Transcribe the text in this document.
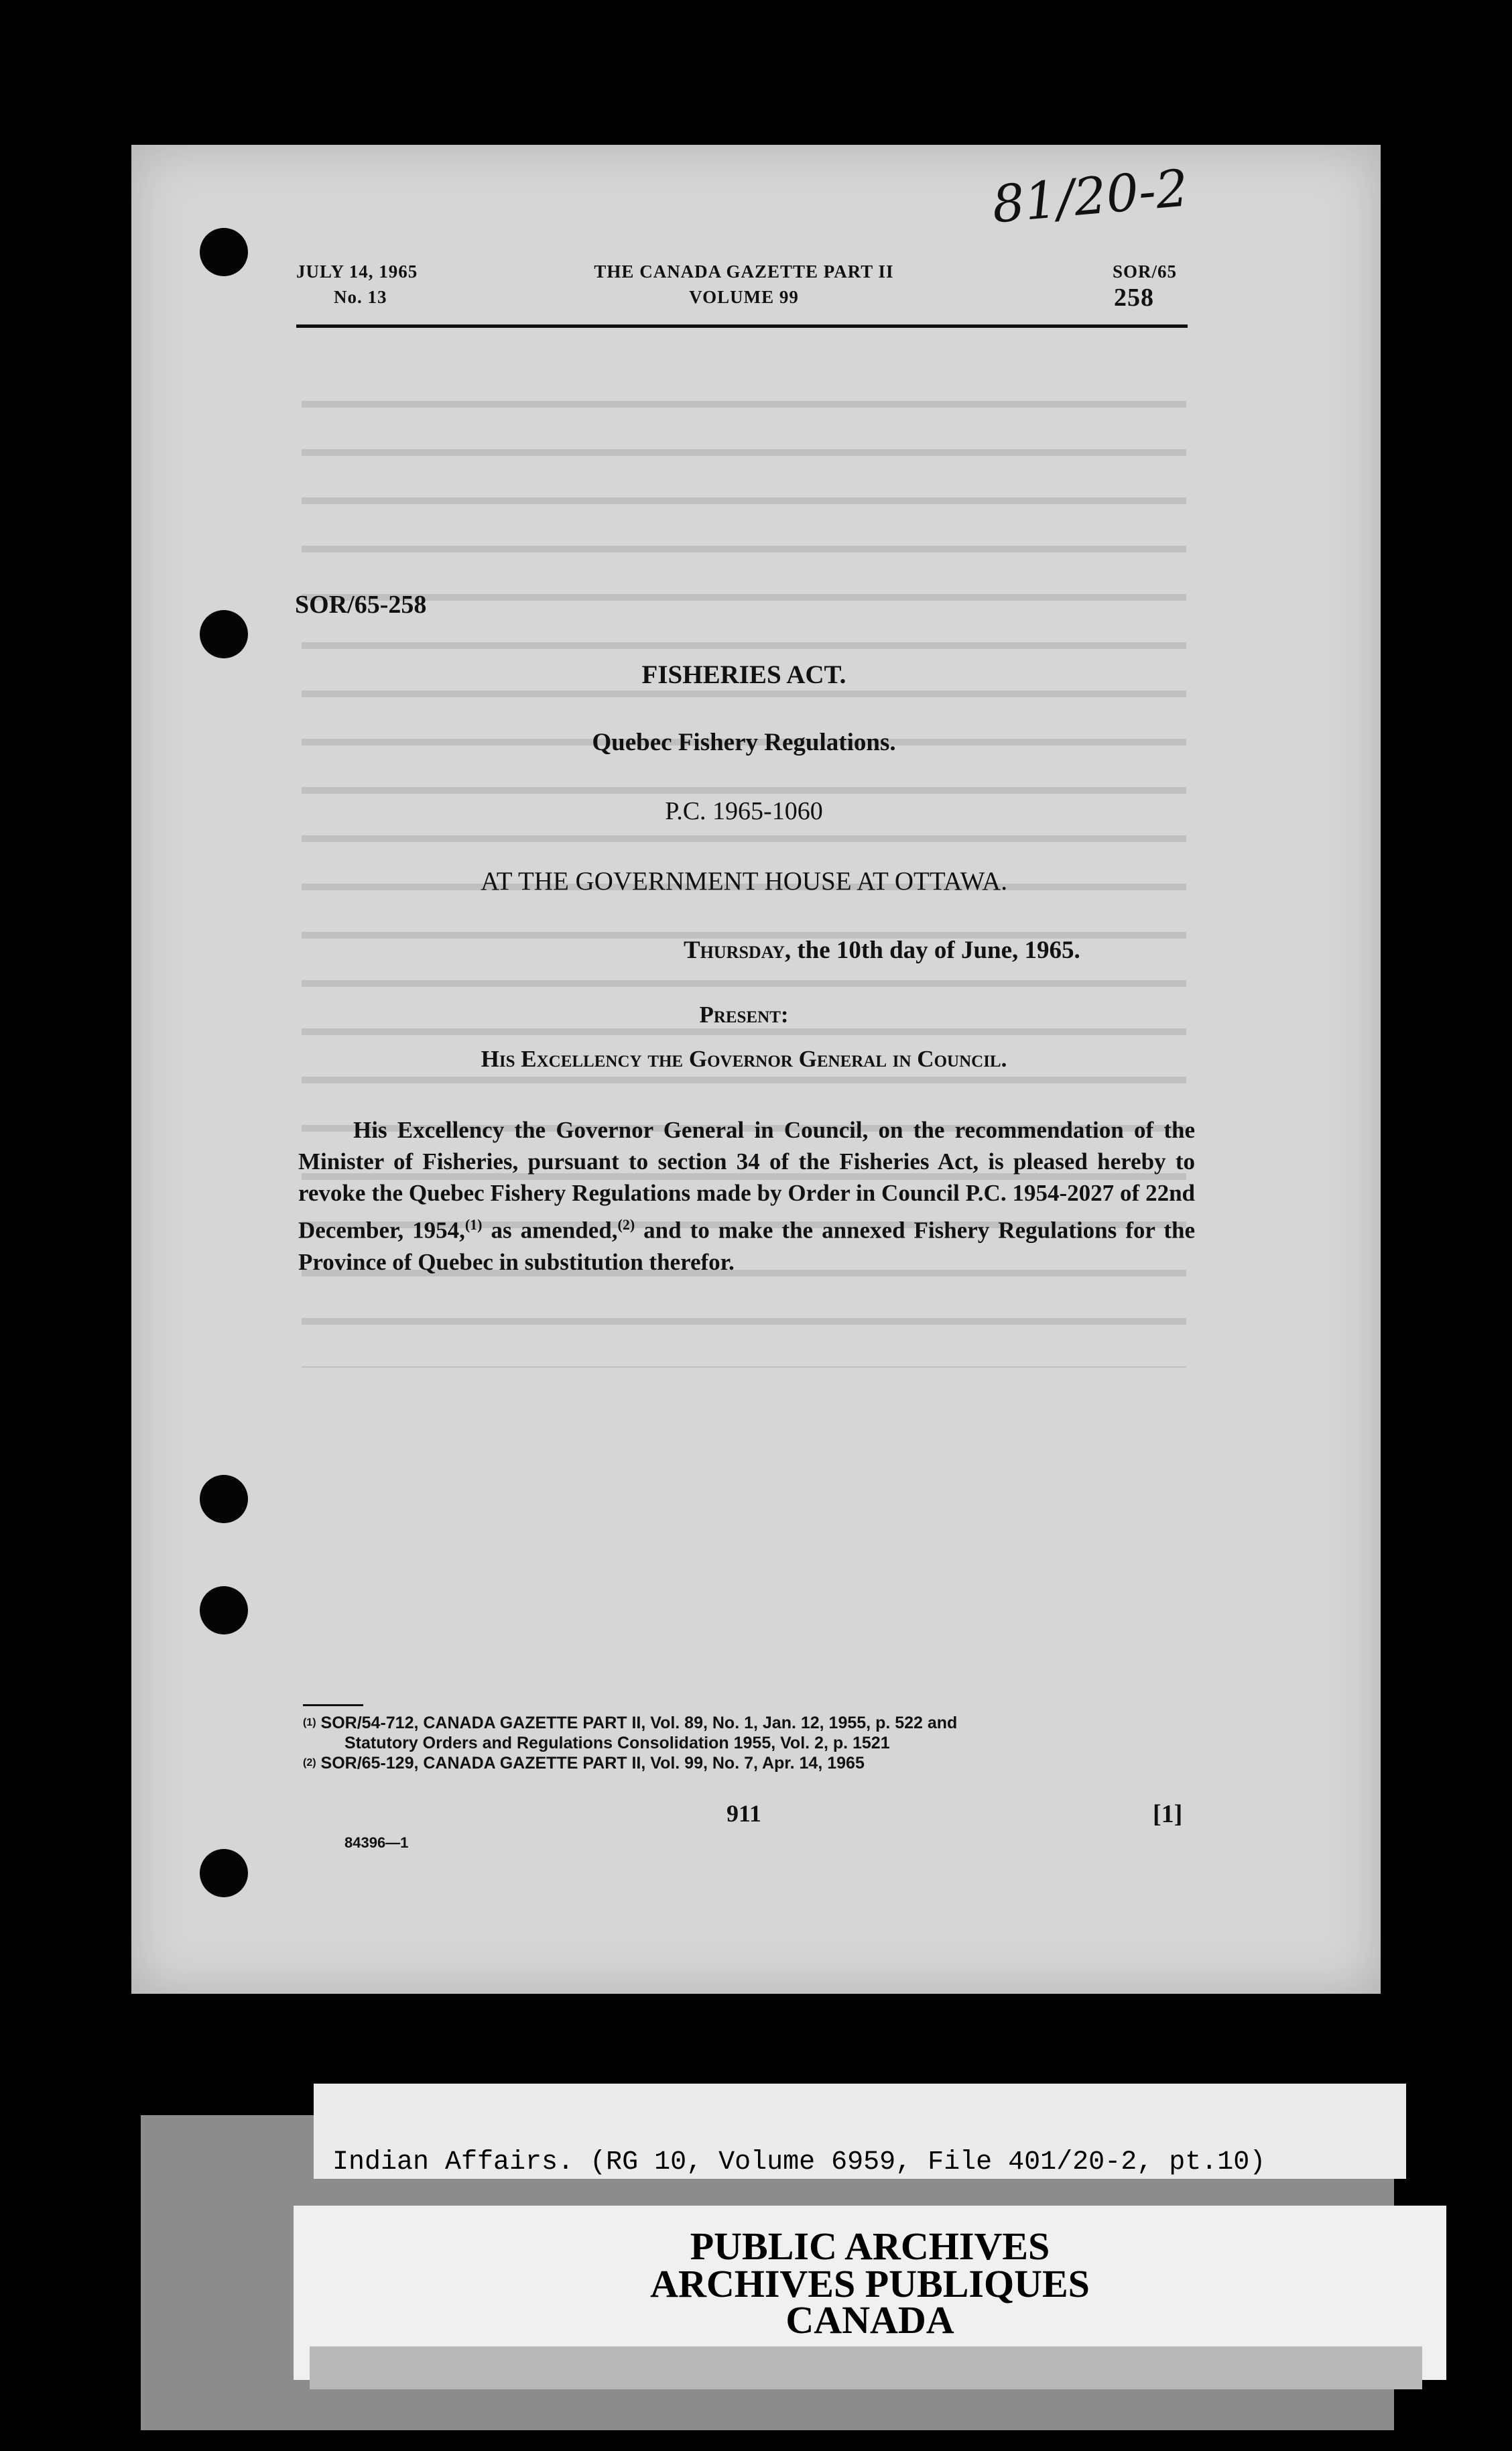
81/20-2
JULY 14, 1965
No. 13
THE CANADA GAZETTE PART II
VOLUME 99
SOR/65
258
SOR/65-258
FISHERIES ACT.
Quebec Fishery Regulations.
P.C. 1965-1060
AT THE GOVERNMENT HOUSE AT OTTAWA.
Thursday, the 10th day of June, 1965.
Present:
His Excellency the Governor General in Council.
His Excellency the Governor General in Council, on the recommendation of the Minister of Fisheries, pursuant to section 34 of the Fisheries Act, is pleased hereby to revoke the Quebec Fishery Regulations made by Order in Council P.C. 1954-2027 of 22nd December, 1954,$^{(1)}$ as amended,$^{(2)}$ and to make the annexed Fishery Regulations for the Province of Quebec in substitution therefor.
$^{(1)}$ SOR/54-712, CANADA GAZETTE PART II, Vol. 89, No. 1, Jan. 12, 1955, p. 522 and
Statutory Orders and Regulations Consolidation 1955, Vol. 2, p. 1521
$^{(2)}$ SOR/65-129, CANADA GAZETTE PART II, Vol. 99, No. 7, Apr. 14, 1965
911	[1]
84396—1
Indian Affairs. (RG 10, Volume 6959, File 401/20-2, pt.10)
PUBLIC ARCHIVES
ARCHIVES PUBLIQUES
CANADA
